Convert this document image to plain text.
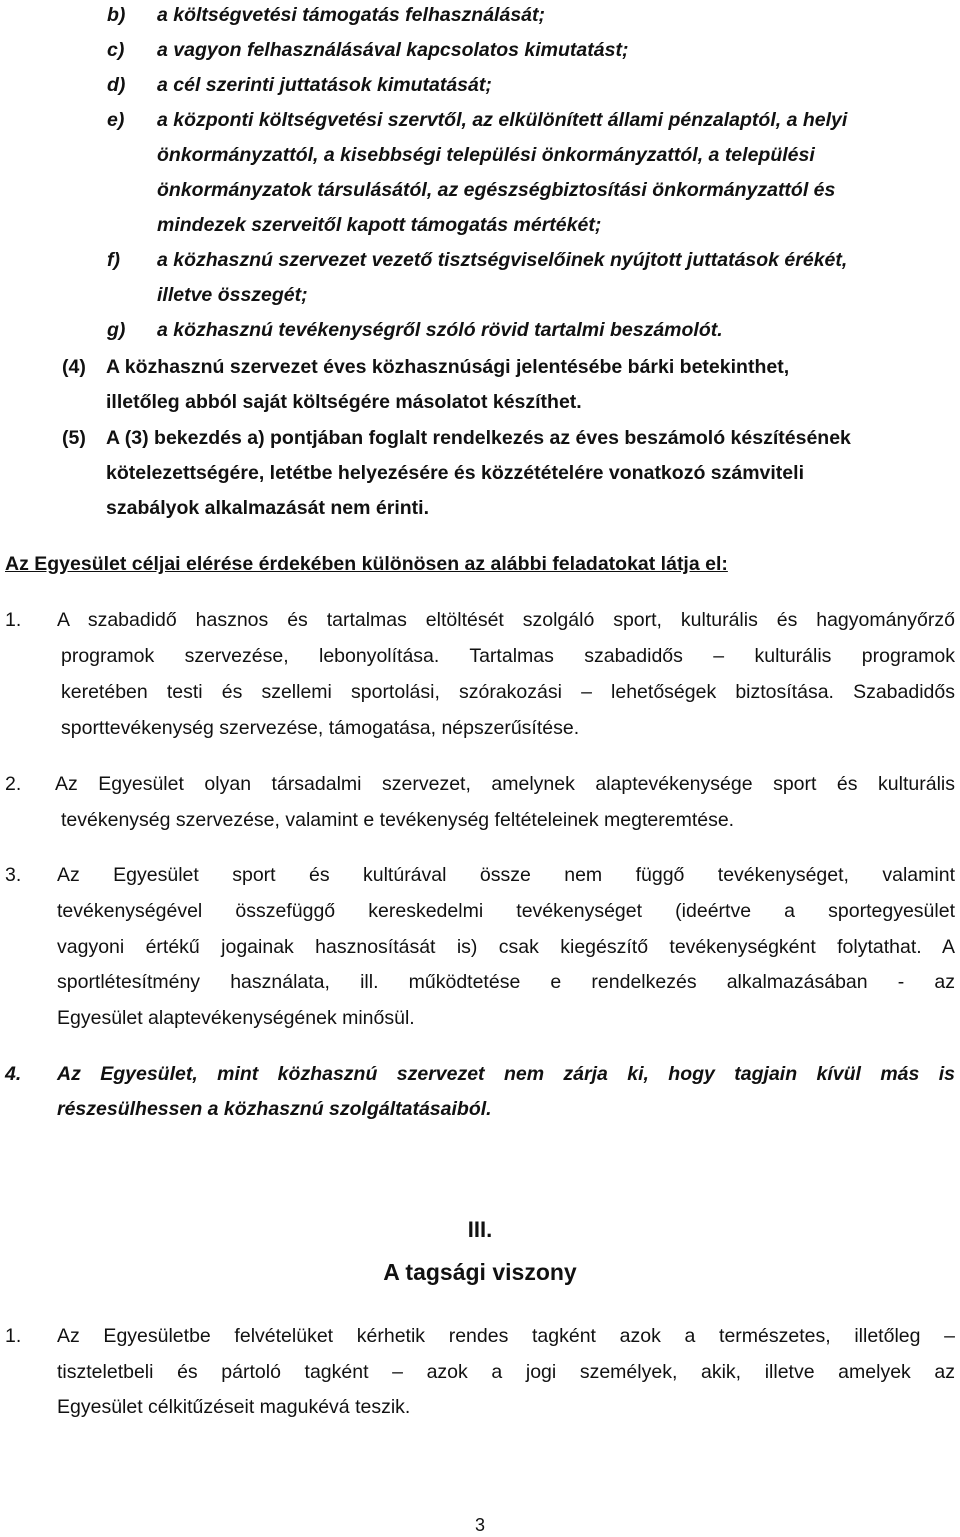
b) a költségvetési támogatás felhasználását;
c) a vagyon felhasználásával kapcsolatos kimutatást;
d) a cél szerinti juttatások kimutatását;
e) a központi költségvetési szervtől, az elkülönített állami pénzalaptól, a helyi
önkormányzattól, a kisebbségi települési önkormányzattól, a települési
önkormányzatok társulásától, az egészségbiztosítási önkormányzattól és
mindezek szerveitől kapott támogatás mértékét;
f) a közhasznú szervezet vezető tisztségviselőinek nyújtott juttatások érékét,
illetve összegét;
g) a közhasznú tevékenységről szóló rövid tartalmi beszámolót.
(4) A közhasznú szervezet éves közhasznúsági jelentésébe bárki betekinthet,
illetőleg abból saját költségére másolatot készíthet.
(5) A (3) bekezdés a) pontjában foglalt rendelkezés az éves beszámoló készítésének
kötelezettségére, letétbe helyezésére és közzétételére vonatkozó számviteli
szabályok alkalmazását nem érinti.
Az Egyesület céljai elérése érdekében különösen az alábbi feladatokat látja el:
1. A szabadidő hasznos és tartalmas eltöltését szolgáló sport, kulturális és hagyományőrző
programok szervezése, lebonyolítása. Tartalmas szabadidős – kulturális programok
keretében testi és szellemi sportolási, szórakozási – lehetőségek biztosítása. Szabadidős
sporttevékenység szervezése, támogatása, népszerűsítése.
2. Az Egyesület olyan társadalmi szervezet, amelynek alaptevékenysége sport és kulturális
tevékenység szervezése, valamint e tevékenység feltételeinek megteremtése.
3. Az Egyesület sport és kultúrával össze nem függő tevékenységet, valamint
tevékenységével összefüggő kereskedelmi tevékenységet (ideértve a sportegyesület
vagyoni értékű jogainak hasznosítását is) csak kiegészítő tevékenységként folytathat. A
sportlétesítmény használata, ill. működtetése e rendelkezés alkalmazásában - az
Egyesület alaptevékenységének minősül.
4. Az Egyesület, mint közhasznú szervezet nem zárja ki, hogy tagjain kívül más is
részesülhessen a közhasznú szolgáltatásaiból.
III.
A tagsági viszony
1. Az Egyesületbe felvételüket kérhetik rendes tagként azok a természetes, illetőleg –
tiszteletbeli és pártoló tagként – azok a jogi személyek, akik, illetve amelyek az
Egyesület célkitűzéseit magukévá teszik.
3
